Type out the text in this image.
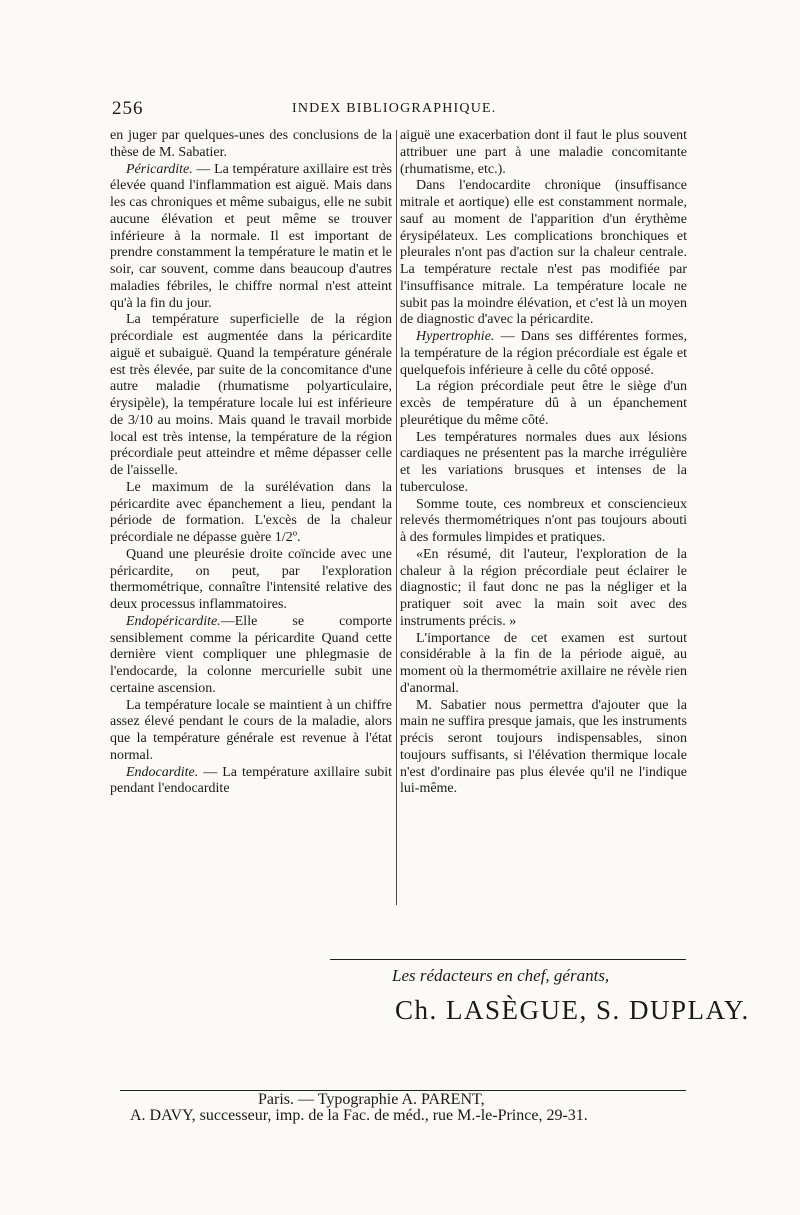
256	INDEX BIBLIOGRAPHIQUE.

en juger par quelques-unes des conclusions de la thèse de M. Sabatier.

Péricardite. — La température axillaire est très élevée quand l'inflammation est aiguë. Mais dans les cas chroniques et même subaigus, elle ne subit aucune élévation et peut même se trouver inférieure à la normale. Il est important de prendre constamment la température le matin et le soir, car souvent, comme dans beaucoup d'autres maladies fébriles, le chiffre normal n'est atteint qu'à la fin du jour.

La température superficielle de la région précordiale est augmentée dans la péricardite aiguë et subaiguë. Quand la température générale est très élevée, par suite de la concomitance d'une autre maladie (rhumatisme polyarticulaire, érysipèle), la température locale lui est inférieure de 3/10 au moins. Mais quand le travail morbide local est très intense, la température de la région précordiale peut atteindre et même dépasser celle de l'aisselle.

Le maximum de la surélévation dans la péricardite avec épanchement a lieu, pendant la période de formation. L'excès de la chaleur précordiale ne dépasse guère 1/2º.

Quand une pleurésie droite coïncide avec une péricardite, on peut, par l'exploration thermométrique, connaître l'intensité relative des deux processus inflammatoires.

Endopéricardite.—Elle se comporte sensiblement comme la péricardite Quand cette dernière vient compliquer une phlegmasie de l'endocarde, la colonne mercurielle subit une certaine ascension.

La température locale se maintient à un chiffre assez élevé pendant le cours de la maladie, alors que la température générale est revenue à l'état normal.

Endocardite. — La température axillaire subit pendant l'endocardite

aiguë une exacerbation dont il faut le plus souvent attribuer une part à une maladie concomitante (rhumatisme, etc.).

Dans l'endocardite chronique (insuffisance mitrale et aortique) elle est constamment normale, sauf au moment de l'apparition d'un érythème érysipélateux. Les complications bronchiques et pleurales n'ont pas d'action sur la chaleur centrale. La température rectale n'est pas modifiée par l'insuffisance mitrale. La température locale ne subit pas la moindre élévation, et c'est là un moyen de diagnostic d'avec la péricardite.

Hypertrophie. — Dans ses différentes formes, la température de la région précordiale est égale et quelquefois inférieure à celle du côté opposé.

La région précordiale peut être le siège d'un excès de température dû à un épanchement pleurétique du même côté.

Les températures normales dues aux lésions cardiaques ne présentent pas la marche irrégulière et les variations brusques et intenses de la tuberculose.

Somme toute, ces nombreux et consciencieux relevés thermométriques n'ont pas toujours abouti à des formules limpides et pratiques.

«En résumé, dit l'auteur, l'exploration de la chaleur à la région précordiale peut éclairer le diagnostic; il faut donc ne pas la négliger et la pratiquer soit avec la main soit avec des instruments précis. »

L'importance de cet examen est surtout considérable à la fin de la période aiguë, au moment où la thermométrie axillaire ne révèle rien d'anormal.

M. Sabatier nous permettra d'ajouter que la main ne suffira presque jamais, que les instruments précis seront toujours indispensables, sinon toujours suffisants, si l'élévation thermique locale n'est d'ordinaire pas plus élevée qu'il ne l'indique lui-même.

Les rédacteurs en chef, gérants,
Ch. LASÈGUE, S. DUPLAY.
Paris. — Typographie A. PARENT,
A. DAVY, successeur, imp. de la Fac. de méd., rue M.-le-Prince, 29-31.
